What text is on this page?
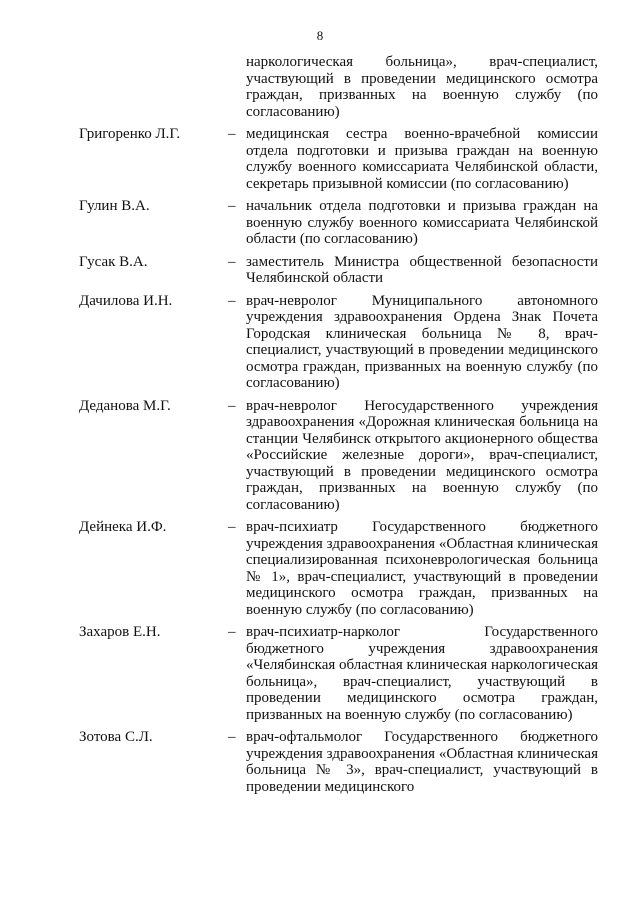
8
наркологическая больница», врач-специалист, участвующий в проведении медицинского осмотра граждан, призванных на военную службу (по согласованию)
Григоренко Л.Г.	– медицинская сестра военно-врачебной комиссии отдела подготовки и призыва граждан на военную службу военного комиссариата Челябинской области, секретарь призывной комиссии (по согласованию)
Гулин В.А.	– начальник отдела подготовки и призыва граждан на военную службу военного комиссариата Челябинской области (по согласованию)
Гусак В.А.	– заместитель Министра общественной безопасности Челябинской области
Дачилова И.Н.	– врач-невролог Муниципального автономного учреждения здравоохранения Ордена Знак Почета Городская клиническая больница № 8, врач-специалист, участвующий в проведении медицинского осмотра граждан, призванных на военную службу (по согласованию)
Деданова М.Г.	– врач-невролог Негосударственного учреждения здравоохранения «Дорожная клиническая больница на станции Челябинск открытого акционерного общества «Российские железные дороги», врач-специалист, участвующий в проведении медицинского осмотра граждан, призванных на военную службу (по согласованию)
Дейнека И.Ф.	– врач-психиатр Государственного бюджетного учреждения здравоохранения «Областная клиническая специализированная психоневрологическая больница № 1», врач-специалист, участвующий в проведении медицинского осмотра граждан, призванных на военную службу (по согласованию)
Захаров Е.Н.	– врач-психиатр-нарколог Государственного бюджетного учреждения здравоохранения «Челябинская областная клиническая наркологическая больница», врач-специалист, участвующий в проведении медицинского осмотра граждан, призванных на военную службу (по согласованию)
Зотова С.Л.	– врач-офтальмолог Государственного бюджетного учреждения здравоохранения «Областная клиническая больница № 3», врач-специалист, участвующий в проведении медицинского
